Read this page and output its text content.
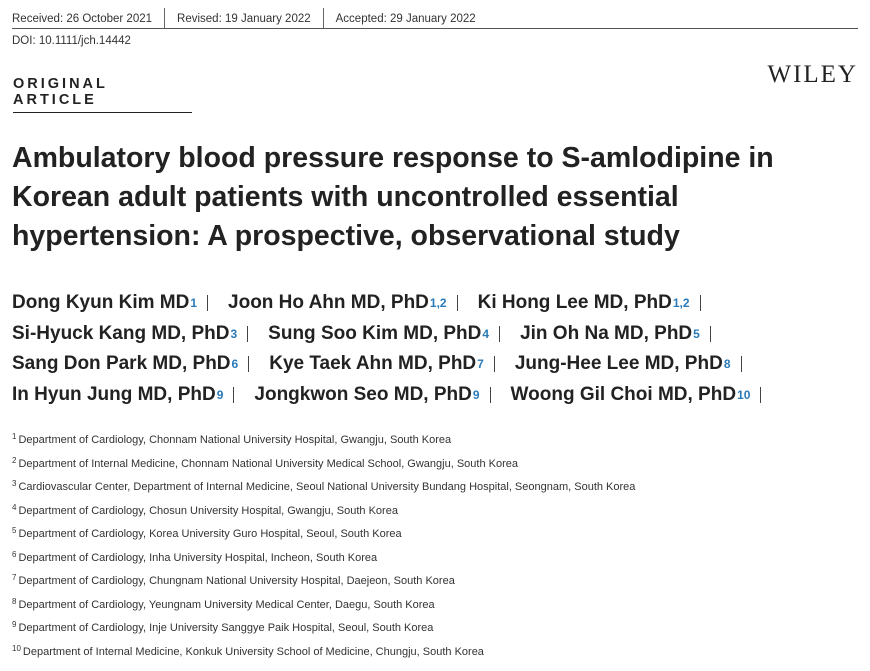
Received: 26 October 2021 Revised: 19 January 2022 Accepted: 29 January 2022
DOI: 10.1111/jch.14442
ORIGINAL ARTICLE
WILEY
Ambulatory blood pressure response to S-amlodipine in
Korean adult patients with uncontrolled essential
hypertension: A prospective, observational study
Dong Kyun Kim $MD^1$ Joon Ho Ahn MD, PhD$^{1,2}$ Ki Hong Lee MD, PhD$^{1,2}$
Si-Hyuck Kang MD, PhD$^3$ Sung Soo Kim MD, PhD$^4$ Jin Oh Na MD, PhD$^5$
Sang Don Park MD, PhD$^6$ Kye Taek Ahn MD, PhD$^7$ Jung-Hee Lee MD, PhD$^8$
In Hyun Jung MD, PhD$^9$ Jongkwon Seo MD, PhD$^9$ Woong Gil Choi MD, PhD$^{10}$
$^1$ Department of Cardiology, Chonnam National University Hospital, Gwangju, South Korea
$^2$ Department of Internal Medicine, Chonnam National University Medical School, Gwangju, South Korea
$^3$ Cardiovascular Center, Department of Internal Medicine, Seoul National University Bundang Hospital, Seongnam, South Korea
$^4$ Department of Cardiology, Chosun University Hospital, Gwangju, South Korea
$^5$ Department of Cardiology, Korea University Guro Hospital, Seoul, South Korea
$^6$ Department of Cardiology, Inha University Hospital, Incheon, South Korea
$^7$ Department of Cardiology, Chungnam National University Hospital, Daejeon, South Korea
$^8$ Department of Cardiology, Yeungnam University Medical Center, Daegu, South Korea
$^9$ Department of Cardiology, Inje University Sanggye Paik Hospital, Seoul, South Korea
$^{10}$ Department of Internal Medicine, Konkuk University School of Medicine, Chungju, South Korea
